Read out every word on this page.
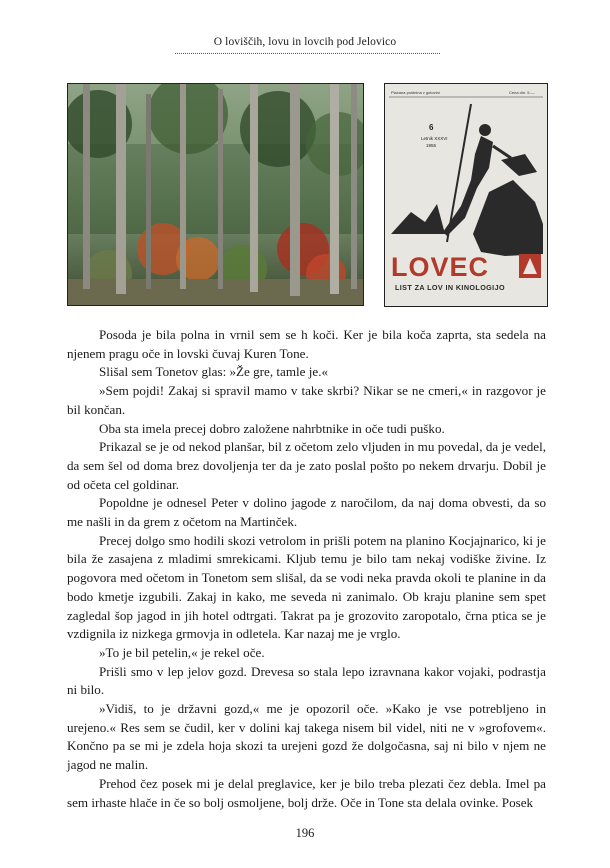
O loviščih, lovu in lovcih pod Jelovico
Plačana poštnina v gotovini	Cena din. 5.—
6
Letnik XXXVI
1955
LOVEC
LIST ZA LOV IN KINOLOGIJO

Posoda je bila polna in vrnil sem se h koči. Ker je bila koča zaprta, sta sedela na njenem pragu oče in lovski čuvaj Kuren Tone.

Slišal sem Tonetov glas: »Že gre, tamle je.«

»Sem pojdi! Zakaj si spravil mamo v take skrbi? Nikar se ne cmeri,« in razgovor je bil končan.

Oba sta imela precej dobro založene nahrbtnike in oče tudi puško.

Prikazal se je od nekod planšar, bil z očetom zelo vljuden in mu povedal, da je vedel, da sem šel od doma brez dovoljenja ter da je zato poslal pošto po nekem drvarju. Dobil je od očeta cel goldinar.

Popoldne je odnesel Peter v dolino jagode z naročilom, da naj doma obvesti, da so me našli in da grem z očetom na Martinček.

Precej dolgo smo hodili skozi vetrolom in prišli potem na planino Kocjajnarico, ki je bila že zasajena z mladimi smrekicami. Kljub temu je bilo tam nekaj vodiške živine. Iz pogovora med očetom in Tonetom sem slišal, da se vodi neka pravda okoli te planine in da bodo kmetje izgubili. Zakaj in kako, me seveda ni zanimalo. Ob kraju planine sem spet zagledal šop jagod in jih hotel odtrgati. Takrat pa je grozovito zaropotalo, črna ptica se je vzdignila iz nizkega grmovja in odletela. Kar nazaj me je vrglo.

»To je bil petelin,« je rekel oče.

Prišli smo v lep jelov gozd. Drevesa so stala lepo izravnana kakor vojaki, podrastja ni bilo.

»Vidiš, to je državni gozd,« me je opozoril oče. »Kako je vse potrebljeno in urejeno.« Res sem se čudil, ker v dolini kaj takega nisem bil videl, niti ne v »grofovem«. Končno pa se mi je zdela hoja skozi ta urejeni gozd že dolgočasna, saj ni bilo v njem ne jagod ne malin.

Prehod čez posek mi je delal preglavice, ker je bilo treba plezati čez debla. Imel pa sem irhaste hlače in če so bolj osmoljene, bolj drže. Oče in Tone sta delala ovinke. Posek

196
